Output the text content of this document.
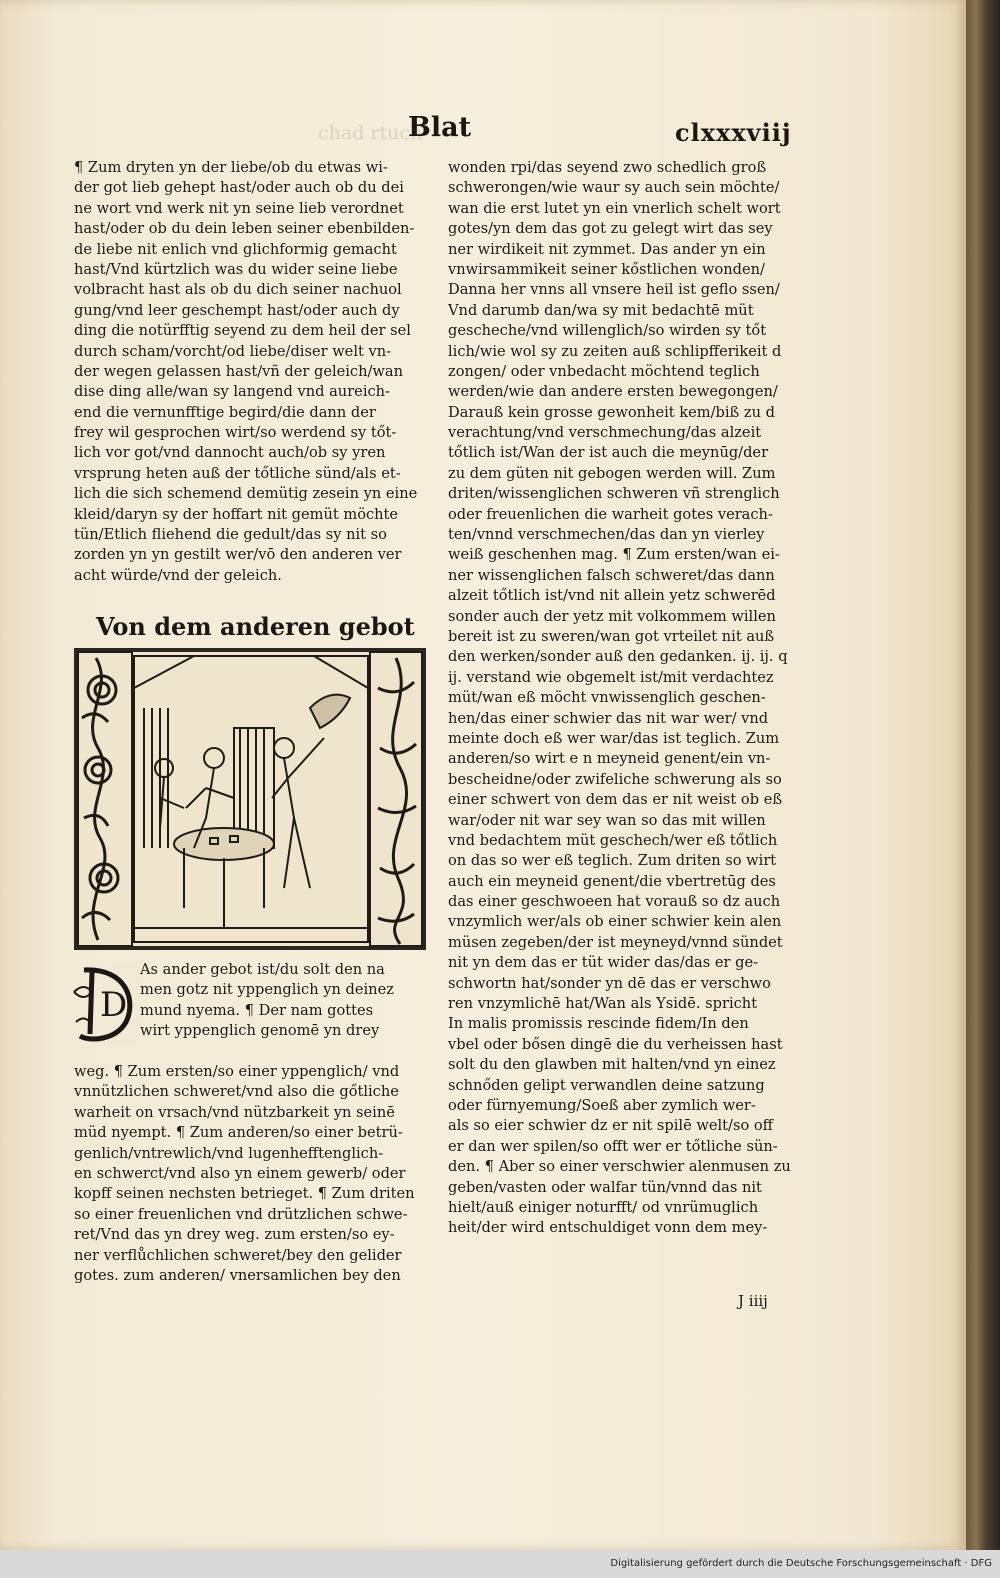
chad rtuch
Blat	clxxxviij
¶ Zum dryten yn der liebe/ob du etwas wi-
der got lieb gehept hast/oder auch ob du dei
ne wort vnd werk nit yn seine lieb verordnet
hast/oder ob du dein leben seiner ebenbilden-
de liebe nit enlich vnd glichformig gemacht
hast/Vnd kürtzlich was du wider seine liebe
volbracht hast als ob du dich seiner nachuol
gung/vnd leer geschempt hast/oder auch dy
ding die notürfftig seyend zu dem heil der sel
durch scham/vorcht/od liebe/diser welt vn-
der wegen gelassen hast/vñ der geleich/wan
dise ding alle/wan sy langend vnd aureich-
end die vernunfftige begird/die dann der
frey wil gesprochen wirt/so werdend sy tőt-
lich vor got/vnd dannocht auch/ob sy yren
vrsprung heten auß der tőtliche sünd/als et-
lich die sich schemend demütig zesein yn eine
kleid/daryn sy der hoffart nit gemüt möchte
tün/Etlich fliehend die gedult/das sy nit so
zorden yn yn gestilt wer/vō den anderen ver
acht würde/vnd der geleich.
Von dem anderen gebot
D
As ander gebot ist/du solt den na
men gotz nit yppenglich yn deinez
mund nyema. ¶ Der nam gottes
wirt yppenglich genomē yn drey
weg. ¶ Zum ersten/so einer yppenglich/ vnd
vnnützlichen schweret/vnd also die gőtliche
warheit on vrsach/vnd nützbarkeit yn seinē
müd nyempt. ¶ Zum anderen/so einer betrü-
genlich/vntrewlich/vnd lugenhefftenglich-
en schwerct/vnd also yn einem gewerb/ oder
kopff seinen nechsten betrieget. ¶ Zum driten
so einer freuenlichen vnd drützlichen schwe-
ret/Vnd das yn drey weg. zum ersten/so ey-
ner verflůchlichen schweret/bey den gelider
gotes. zum anderen/ vnersamlichen bey den
wonden rpi/das seyend zwo schedlich groß
schwerongen/wie waur sy auch sein möchte/
wan die erst lutet yn ein vnerlich schelt wort
gotes/yn dem das got zu gelegt wirt das sey
ner wirdikeit nit zymmet. Das ander yn ein
vnwirsammikeit seiner kőstlichen wonden/
Danna her vnns all vnsere heil ist geflo ssen/
Vnd darumb dan/wa sy mit bedachtē müt
gescheche/vnd willenglich/so wirden sy tőt
lich/wie wol sy zu zeiten auß schlipfferikeit d
zongen/ oder vnbedacht möchtend teglich
werden/wie dan andere ersten bewegongen/
Darauß kein grosse gewonheit kem/biß zu d
verachtung/vnd verschmechung/das alzeit
tőtlich ist/Wan der ist auch die meynūg/der
zu dem güten nit gebogen werden will. Zum
driten/wissenglichen schweren vñ strenglich
oder freuenlichen die warheit gotes verach-
ten/vnnd verschmechen/das dan yn vierley
weiß geschenhen mag. ¶ Zum ersten/wan ei-
ner wissenglichen falsch schweret/das dann
alzeit tőtlich ist/vnd nit allein yetz schwerēd
sonder auch der yetz mit volkommem willen
bereit ist zu sweren/wan got vrteilet nit auß
den werken/sonder auß den gedanken. ij. ij. q
ij. verstand wie obgemelt ist/mit verdachtez
müt/wan eß möcht vnwissenglich geschen-
hen/das einer schwier das nit war wer/ vnd
meinte doch eß wer war/das ist teglich. Zum
anderen/so wirt e n meyneid genent/ein vn-
bescheidne/oder zwifeliche schwerung als so
einer schwert von dem das er nit weist ob eß
war/oder nit war sey wan so das mit willen
vnd bedachtem müt geschech/wer eß tőtlich
on das so wer eß teglich. Zum driten so wirt
auch ein meyneid genent/die vbertretūg des
das einer geschwoeen hat vorauß so dz auch
vnzymlich wer/als ob einer schwier kein alen
müsen zegeben/der ist meyneyd/vnnd sündet
nit yn dem das er tüt wider das/das er ge-
schwortn hat/sonder yn dē das er verschwo
ren vnzymlichē hat/Wan als Ysidē. spricht
In malis promissis rescinde fidem/In den
vbel oder bősen dingē die du verheissen hast
solt du den glawben mit halten/vnd yn einez
schnőden gelipt verwandlen deine satzung
oder fürnyemung/Soeß aber zymlich wer-
als so eier schwier dz er nit spilē welt/so off
er dan wer spilen/so offt wer er tőtliche sün-
den. ¶ Aber so einer verschwier alenmusen zu
geben/vasten oder walfar tün/vnnd das nit
hielt/auß einiger noturfft/ od vnrümuglich
heit/der wird entschuldiget vonn dem mey-
J iiij
Digitalisierung gefördert durch die Deutsche Forschungsgemeinschaft · DFG
